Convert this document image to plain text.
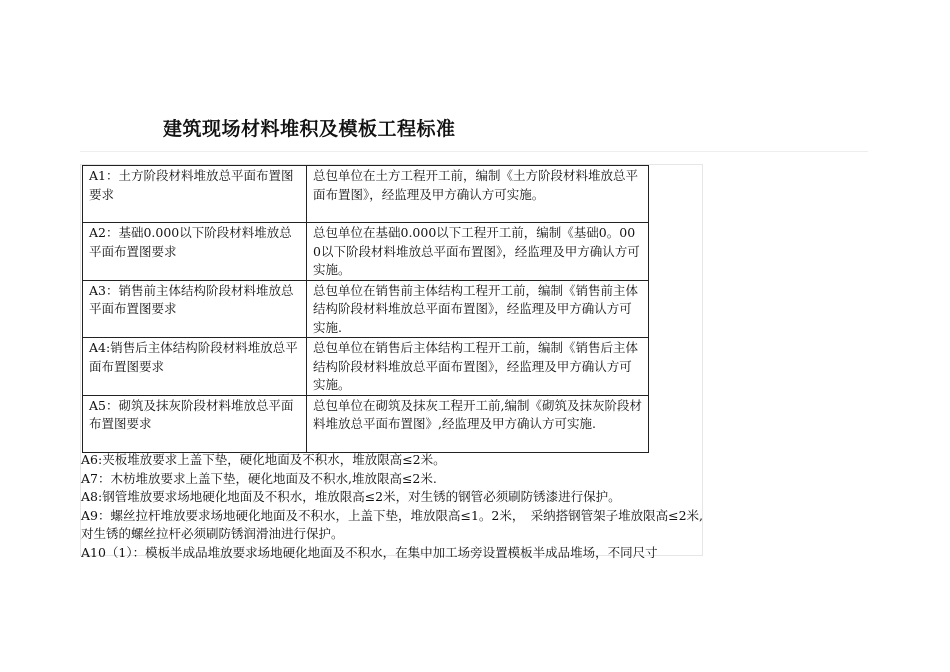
建筑现场材料堆积及模板工程标准
A1：土方阶段材料堆放总平面布置图要求	总包单位在土方工程开工前，编制《土方阶段材料堆放总平面布置图》，经监理及甲方确认方可实施。
A2：基础0.000以下阶段材料堆放总平面布置图要求	总包单位在基础0.000以下工程开工前，编制《基础0。000以下阶段材料堆放总平面布置图》，经监理及甲方确认方可实施。
A3：销售前主体结构阶段材料堆放总平面布置图要求	总包单位在销售前主体结构工程开工前，编制《销售前主体结构阶段材料堆放总平面布置图》，经监理及甲方确认方可实施.
A4:销售后主体结构阶段材料堆放总平面布置图要求	总包单位在销售后主体结构工程开工前，编制《销售后主体结构阶段材料堆放总平面布置图》，经监理及甲方确认方可实施。
A5：砌筑及抹灰阶段材料堆放总平面布置图要求	总包单位在砌筑及抹灰工程开工前,编制《砌筑及抹灰阶段材料堆放总平面布置图》,经监理及甲方确认方可实施.

A6:夹板堆放要求上盖下垫，硬化地面及不积水，堆放限高≤2米。

A7：木枋堆放要求上盖下垫，硬化地面及不积水,堆放限高≤2米.

A8:钢管堆放要求场地硬化地面及不积水，堆放限高≤2米，对生锈的钢管必须刷防锈漆进行保护。

A9：螺丝拉杆堆放要求场地硬化地面及不积水，上盖下垫，堆放限高≤1。2米，　采纳搭钢管架子堆放限高≤2米,对生锈的螺丝拉杆必须刷防锈润滑油进行保护。

A10（1）：模板半成品堆放要求场地硬化地面及不积水，在集中加工场旁设置模板半成品堆场，不同尺寸
